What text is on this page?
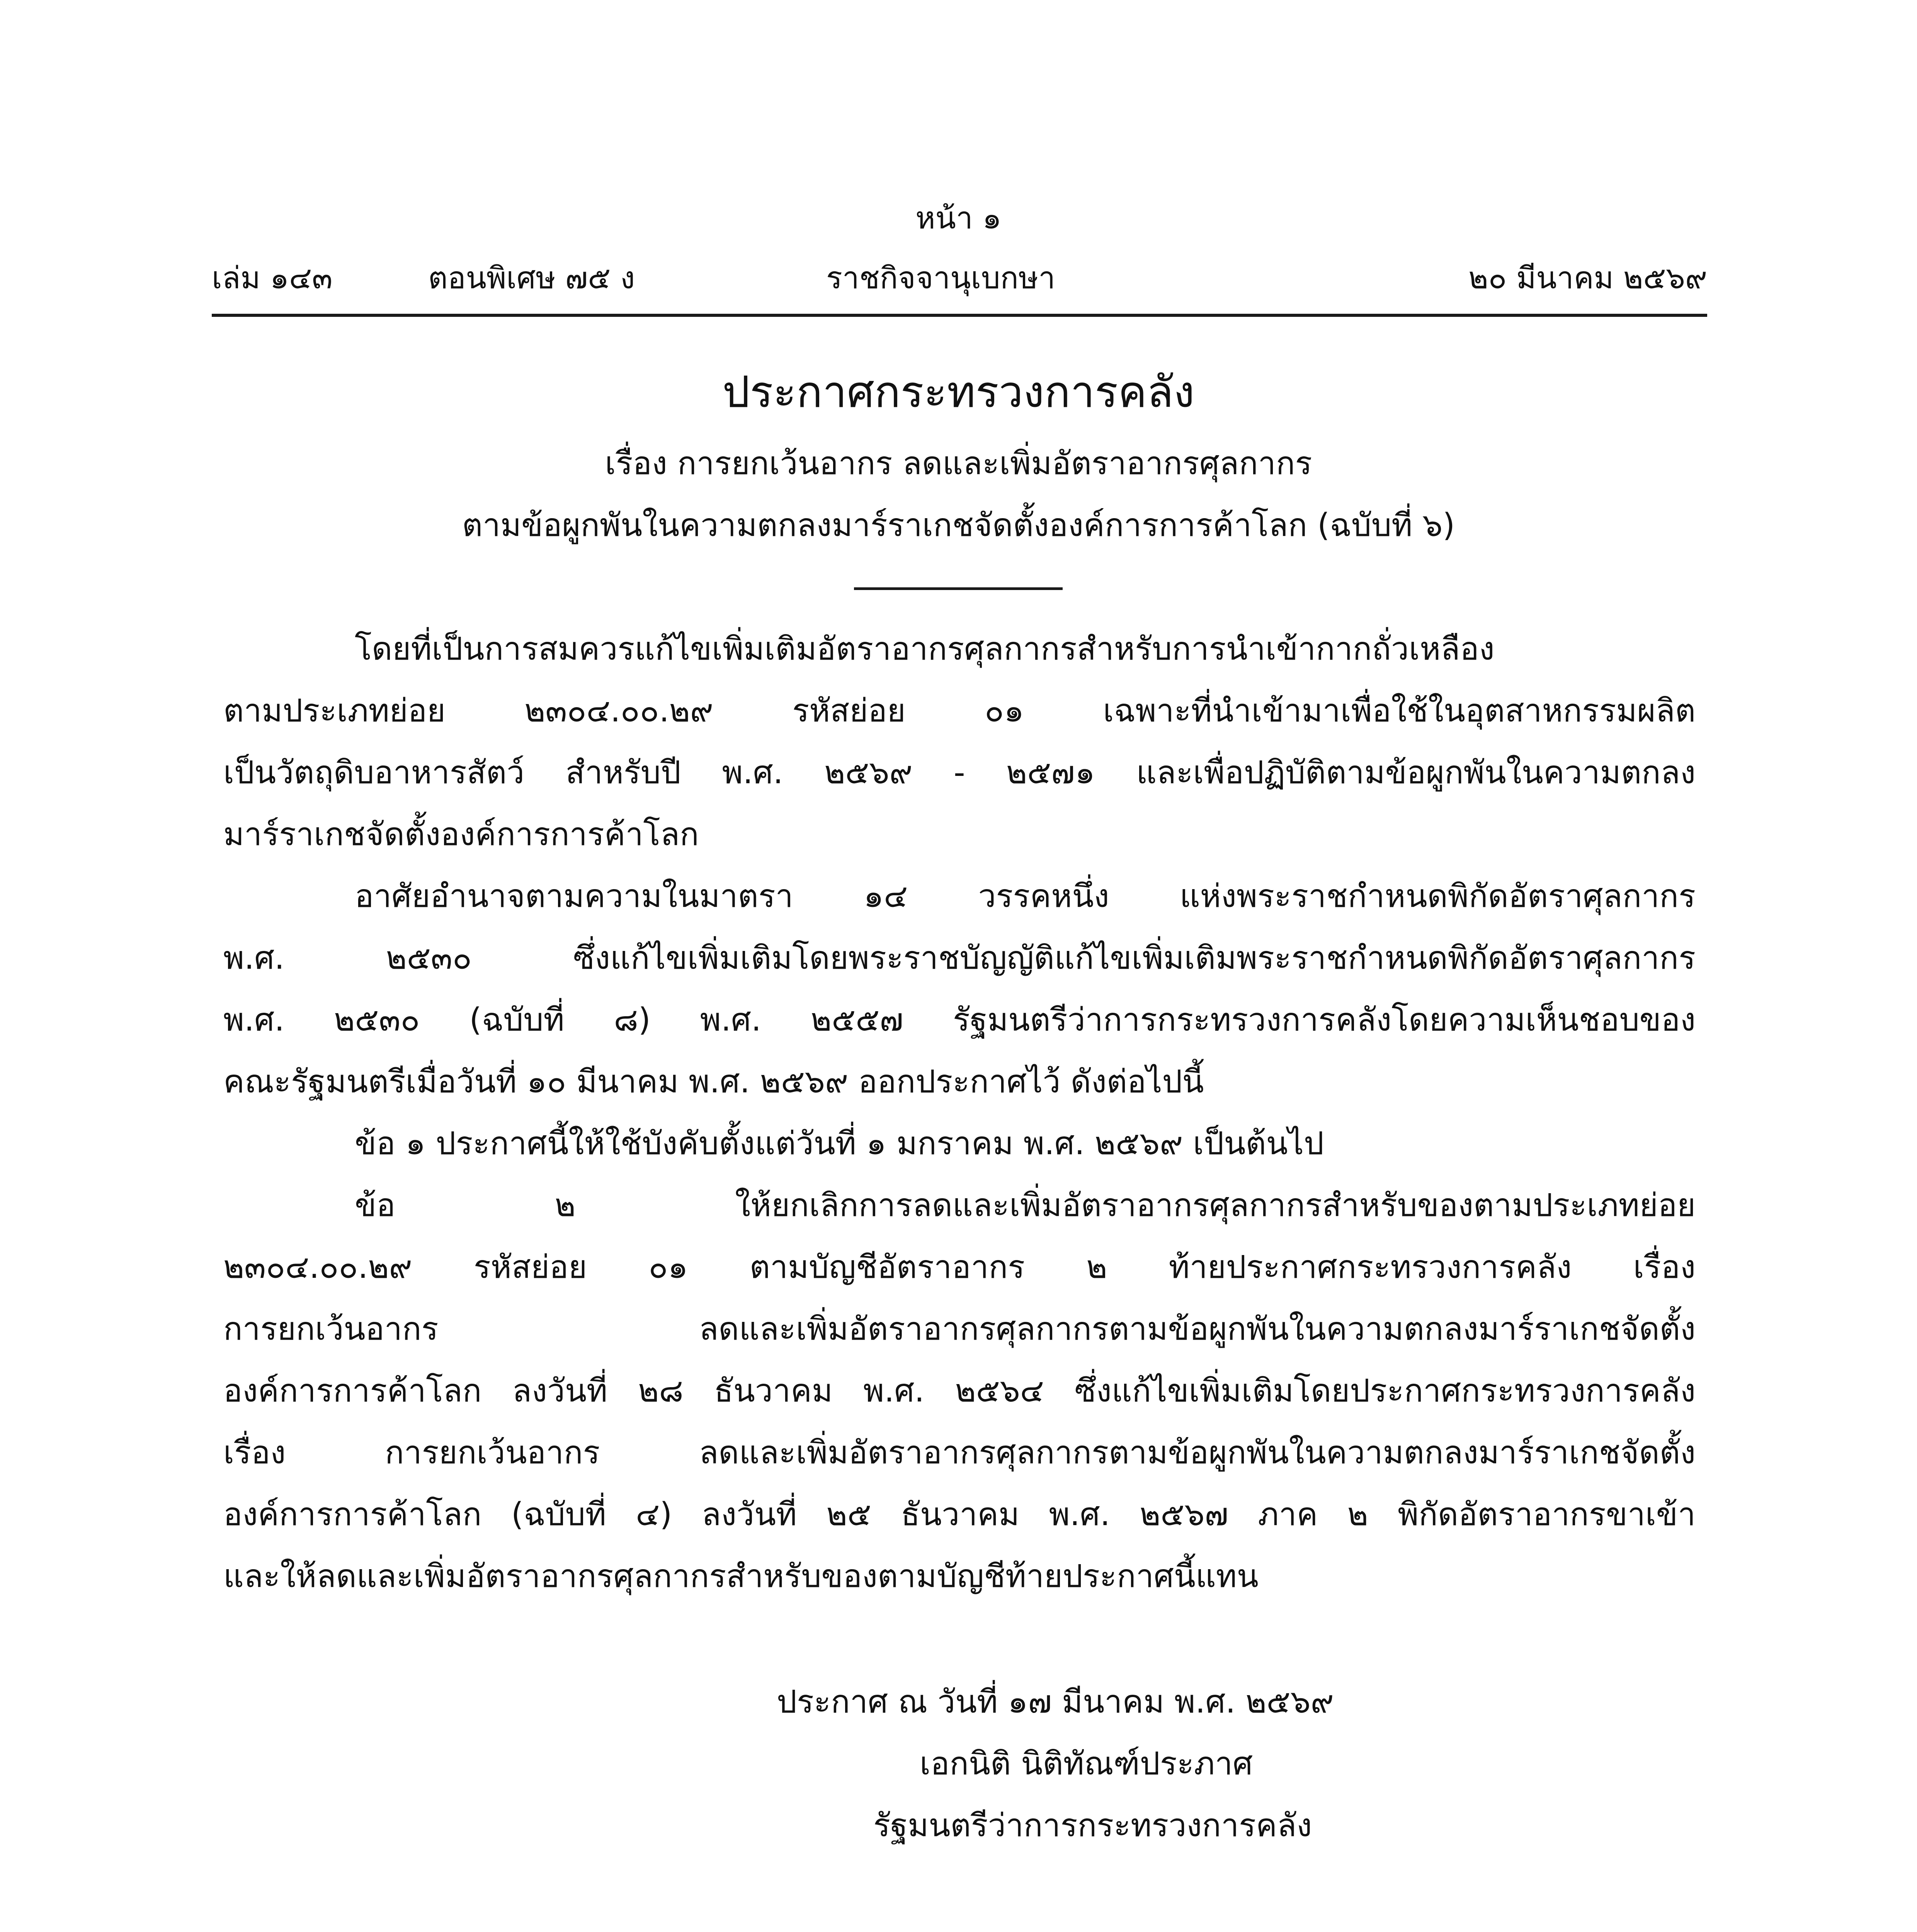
หน้า ๑
เล่ม ๑๔๓	ตอนพิเศษ ๗๕ ง	ราชกิจจานุเบกษา	๒๐ มีนาคม ๒๕๖๙
ประกาศกระทรวงการคลัง
เรื่อง การยกเว้นอากร ลดและเพิ่มอัตราอากรศุลกากร
ตามข้อผูกพันในความตกลงมาร์ราเกชจัดตั้งองค์การการค้าโลก (ฉบับที่ ๖)
โดยที่เป็นการสมควรแก้ไขเพิ่มเติมอัตราอากรศุลกากรสำหรับการนำเข้ากากถั่วเหลือง
ตามประเภทย่อย ๒๓๐๔.๐๐.๒๙ รหัสย่อย ๐๑ เฉพาะที่นำเข้ามาเพื่อใช้ในอุตสาหกรรมผลิต
เป็นวัตถุดิบอาหารสัตว์ สำหรับปี พ.ศ. ๒๕๖๙ - ๒๕๗๑ และเพื่อปฏิบัติตามข้อผูกพันในความตกลง
มาร์ราเกชจัดตั้งองค์การการค้าโลก
อาศัยอำนาจตามความในมาตรา ๑๔ วรรคหนึ่ง แห่งพระราชกำหนดพิกัดอัตราศุลกากร
พ.ศ. ๒๕๓๐ ซึ่งแก้ไขเพิ่มเติมโดยพระราชบัญญัติแก้ไขเพิ่มเติมพระราชกำหนดพิกัดอัตราศุลกากร
พ.ศ. ๒๕๓๐ (ฉบับที่ ๘) พ.ศ. ๒๕๕๗ รัฐมนตรีว่าการกระทรวงการคลังโดยความเห็นชอบของ
คณะรัฐมนตรีเมื่อวันที่ ๑๐ มีนาคม พ.ศ. ๒๕๖๙ ออกประกาศไว้ ดังต่อไปนี้
ข้อ ๑ ประกาศนี้ให้ใช้บังคับตั้งแต่วันที่ ๑ มกราคม พ.ศ. ๒๕๖๙ เป็นต้นไป
ข้อ ๒ ให้ยกเลิกการลดและเพิ่มอัตราอากรศุลกากรสำหรับของตามประเภทย่อย
๒๓๐๔.๐๐.๒๙ รหัสย่อย ๐๑ ตามบัญชีอัตราอากร ๒ ท้ายประกาศกระทรวงการคลัง เรื่อง
การยกเว้นอากร ลดและเพิ่มอัตราอากรศุลกากรตามข้อผูกพันในความตกลงมาร์ราเกชจัดตั้ง
องค์การการค้าโลก ลงวันที่ ๒๘ ธันวาคม พ.ศ. ๒๕๖๔ ซึ่งแก้ไขเพิ่มเติมโดยประกาศกระทรวงการคลัง
เรื่อง การยกเว้นอากร ลดและเพิ่มอัตราอากรศุลกากรตามข้อผูกพันในความตกลงมาร์ราเกชจัดตั้ง
องค์การการค้าโลก (ฉบับที่ ๔) ลงวันที่ ๒๕ ธันวาคม พ.ศ. ๒๕๖๗ ภาค ๒ พิกัดอัตราอากรขาเข้า
และให้ลดและเพิ่มอัตราอากรศุลกากรสำหรับของตามบัญชีท้ายประกาศนี้แทน
ประกาศ ณ วันที่ ๑๗ มีนาคม พ.ศ. ๒๕๖๙
เอกนิติ นิติทัณฑ์ประภาศ
รัฐมนตรีว่าการกระทรวงการคลัง
